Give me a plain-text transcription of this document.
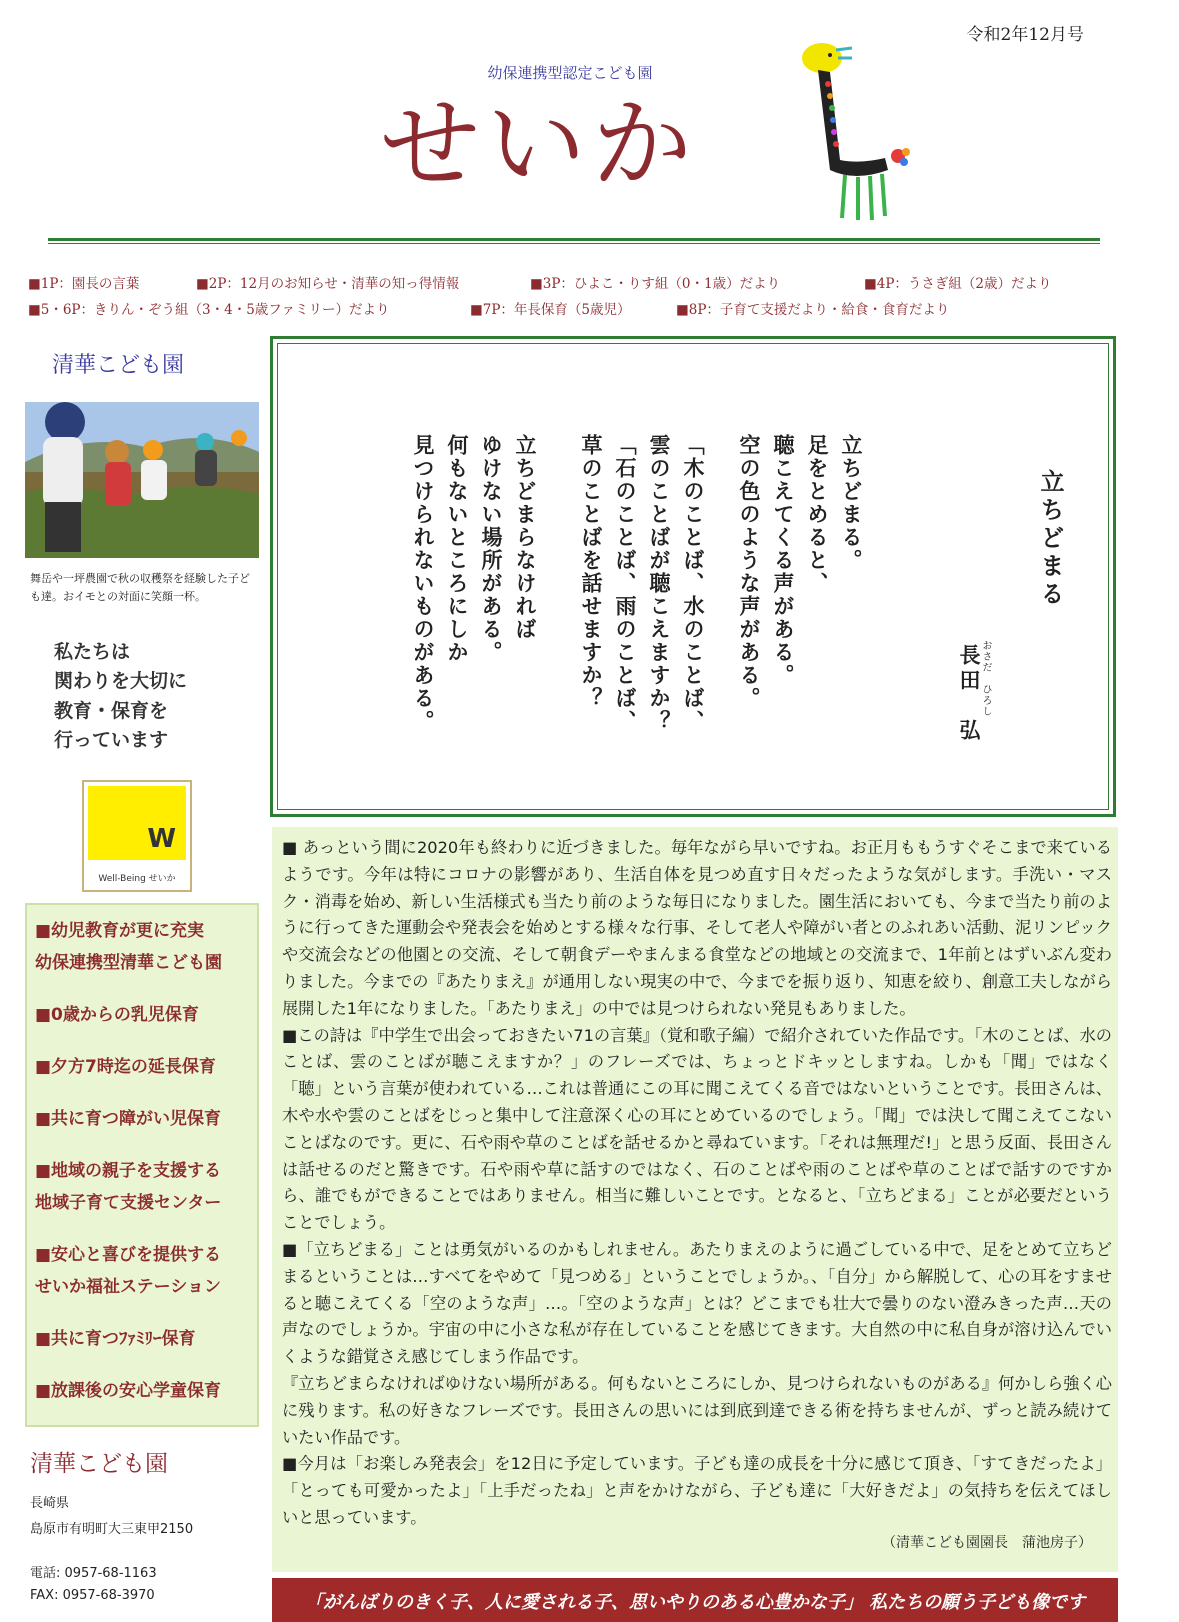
令和2年12月号
幼保連携型認定こども園
せいか
■1P：園長の言葉	■2P：12月のお知らせ・清華の知っ得情報	■3P：ひよこ・りす組（0・1歳）だより	■4P：うさぎ組（2歳）だより
■5・6P：きりん・ぞう組（3・4・5歳ファミリー）だより	■7P：年長保育（5歳児）	■8P：子育て支援だより・給食・食育だより
清華こども園
舞岳や一坪農園で秋の収穫祭を経験した子ども達。おイモとの対面に笑顔一杯。
私たちは
関わりを大切に
教育・保育を
行っています
W
Well-Being せいか
■幼児教育が更に充実
幼保連携型清華こども園
■0歳からの乳児保育
■夕方7時迄の延長保育
■共に育つ障がい児保育
■地域の親子を支援する
地域子育て支援センター
■安心と喜びを提供する
せいか福祉ステーション
■共に育つﾌｧﾐﾘｰ保育
■放課後の安心学童保育
清華こども園
長崎県
島原市有明町大三東甲2150
電話: 0957-68-1163
FAX: 0957-68-3970
立ちどまる
長田　弘 おさだ　ひろし
立ちどまる。
足をとめると、
聴こえてくる声がある。
空の色のような声がある。
「木のことば、水のことば、
雲のことばが聴こえますか？
「石のことば、雨のことば、
草のことばを話せますか？
立ちどまらなければ
ゆけない場所がある。
何もないところにしか
見つけられないものがある。

■ あっという間に2020年も終わりに近づきました。毎年ながら早いですね。お正月ももうすぐそこまで来ているようです。今年は特にコロナの影響があり、生活自体を見つめ直す日々だったような気がします。手洗い・マスク・消毒を始め、新しい生活様式も当たり前のような毎日になりました。園生活においても、今まで当たり前のように行ってきた運動会や発表会を始めとする様々な行事、そして老人や障がい者とのふれあい活動、泥リンピックや交流会などの他園との交流、そして朝食デーやまんまる食堂などの地域との交流まで、1年前とはずいぶん変わりました。今までの『あたりまえ』が通用しない現実の中で、今までを振り返り、知恵を絞り、創意工夫しながら展開した1年になりました。「あたりまえ」の中では見つけられない発見もありました。

■この詩は『中学生で出会っておきたい71の言葉』（覚和歌子編）で紹介されていた作品です。「木のことば、水のことば、雲のことばが聴こえますか？」のフレーズでは、ちょっとドキッとしますね。しかも「聞」ではなく「聴」という言葉が使われている…これは普通にこの耳に聞こえてくる音ではないということです。長田さんは、木や水や雲のことばをじっと集中して注意深く心の耳にとめているのでしょう。「聞」では決して聞こえてこないことばなのです。更に、石や雨や草のことばを話せるかと尋ねています。「それは無理だ!」と思う反面、長田さんは話せるのだと驚きです。石や雨や草に話すのではなく、石のことばや雨のことばや草のことばで話すのですから、誰でもができることではありません。相当に難しいことです。となると、「立ちどまる」ことが必要だということでしょう。

■「立ちどまる」ことは勇気がいるのかもしれません。あたりまえのように過ごしている中で、足をとめて立ちどまるということは…すべてをやめて「見つめる」ということでしょうか。、「自分」から解脱して、心の耳をすませると聴こえてくる「空のような声」…。「空のような声」とは？どこまでも壮大で曇りのない澄みきった声…天の声なのでしょうか。宇宙の中に小さな私が存在していることを感じてきます。大自然の中に私自身が溶け込んでいくような錯覚さえ感じてしまう作品です。

『立ちどまらなければゆけない場所がある。何もないところにしか、見つけられないものがある』何かしら強く心に残ります。私の好きなフレーズです。長田さんの思いには到底到達できる術を持ちませんが、ずっと読み続けていたい作品です。

■今月は「お楽しみ発表会」を12日に予定しています。子ども達の成長を十分に感じて頂き、「すてきだったよ」「とっても可愛かったよ」「上手だったね」と声をかけながら、子ども達に「大好きだよ」の気持ちを伝えてほしいと思っています。

（清華こども園園長　蒲池房子）
「がんばりのきく子、人に愛される子、思いやりのある心豊かな子」 私たちの願う子ども像です
